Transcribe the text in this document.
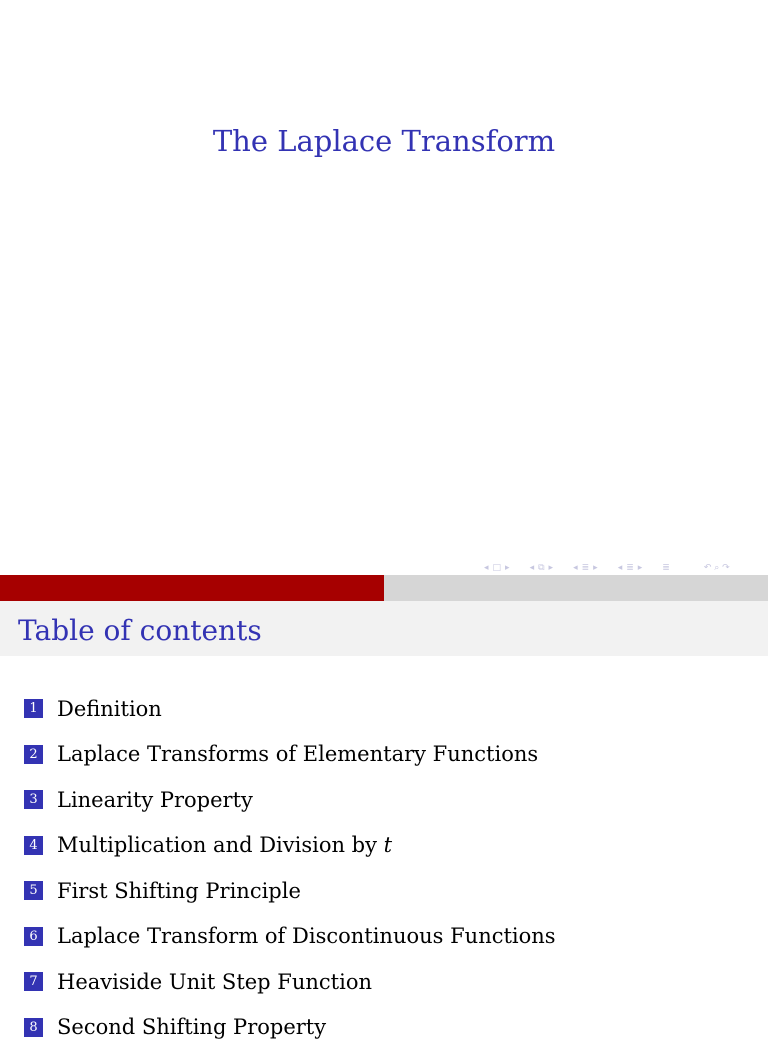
The Laplace Transform
◂ □ ▸ ◂ ⧉ ▸ ◂ ≣ ▸ ◂ ≣ ▸ ≣	↶ ⌕ ↷
Table of contents
1 Definition
2 Laplace Transforms of Elementary Functions
3 Linearity Property
4 Multiplication and Division by t
5 First Shifting Principle
6 Laplace Transform of Discontinuous Functions
7 Heaviside Unit Step Function
8 Second Shifting Property
